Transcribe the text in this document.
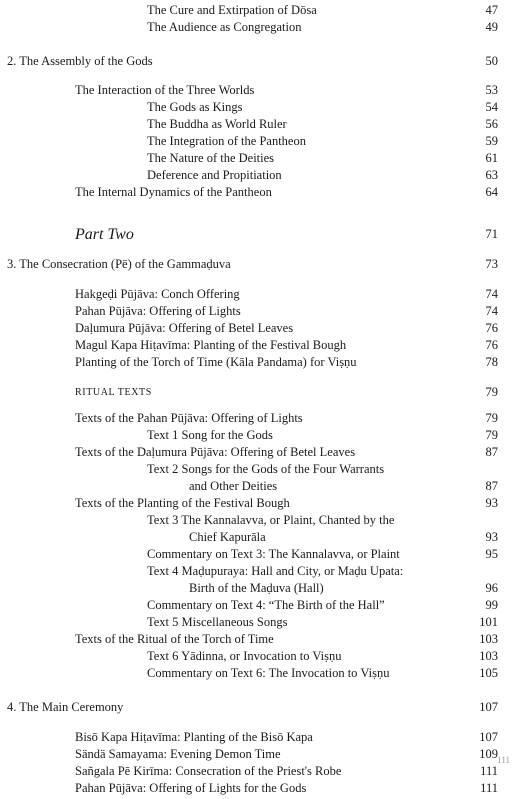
The Cure and Extirpation of Dōsa	47
The Audience as Congregation	49
2. The Assembly of the Gods	50
The Interaction of the Three Worlds	53
The Gods as Kings	54
The Buddha as World Ruler	56
The Integration of the Pantheon	59
The Nature of the Deities	61
Deference and Propitiation	63
The Internal Dynamics of the Pantheon	64
Part Two	71
3. The Consecration (Pē) of the Gammaḍuva	73
Hakgeḍi Pūjāva: Conch Offering	74
Pahan Pūjāva: Offering of Lights	74
Daḷumura Pūjāva: Offering of Betel Leaves	76
Magul Kapa Hiṭavīma: Planting of the Festival Bough	76
Planting of the Torch of Time (Kāla Pandama) for Viṣṇu	78
RITUAL TEXTS	79
Texts of the Pahan Pūjāva: Offering of Lights	79
Text 1 Song for the Gods	79
Texts of the Daḷumura Pūjāva: Offering of Betel Leaves	87
Text 2 Songs for the Gods of the Four Warrants
and Other Deities	87
Texts of the Planting of the Festival Bough	93
Text 3 The Kannalavva, or Plaint, Chanted by the
Chief Kapurāla	93
Commentary on Text 3: The Kannalavva, or Plaint	95
Text 4 Maḍupuraya: Hall and City, or Maḍu Upata:
Birth of the Maḍuva (Hall)	96
Commentary on Text 4: “The Birth of the Hall”	99
Text 5 Miscellaneous Songs	101
Texts of the Ritual of the Torch of Time	103
Text 6 Yādinna, or Invocation to Viṣṇu	103
Commentary on Text 6: The Invocation to Viṣṇu	105
4. The Main Ceremony	107
Bisō Kapa Hiṭavīma: Planting of the Bisō Kapa	107
Sändä Samayama: Evening Demon Time	109
Sañgala Pē Kirīma: Consecration of the Priest's Robe	111
Pahan Pūjāva: Offering of Lights for the Gods	111
111
